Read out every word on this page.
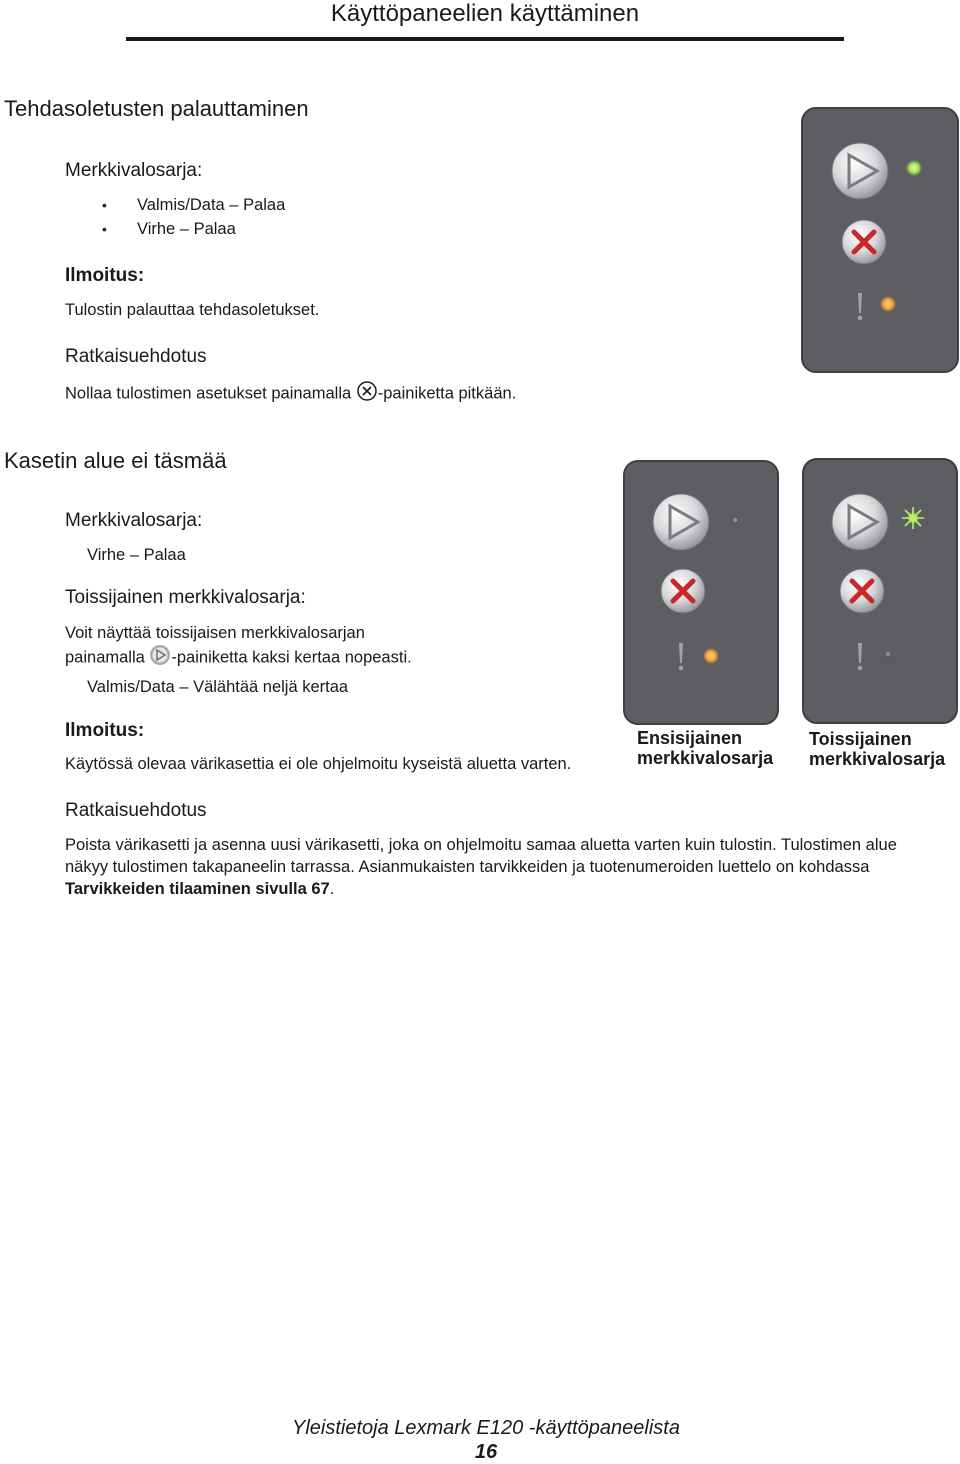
Käyttöpaneelien käyttäminen
Tehdasoletusten palauttaminen
Merkkivalosarja:
• Valmis/Data – Palaa
• Virhe – Palaa
Ilmoitus:
Tulostin palauttaa tehdasoletukset.
Ratkaisuehdotus
Nollaa tulostimen asetukset painamalla -painiketta pitkään.
Kasetin alue ei täsmää
Merkkivalosarja:
Virhe – Palaa
Toissijainen merkkivalosarja:
Voit näyttää toissijaisen merkkivalosarjan
painamalla -painiketta kaksi kertaa nopeasti.
Valmis/Data – Välähtää neljä kertaa
Ilmoitus:
Käytössä olevaa värikasettia ei ole ohjelmoitu kyseistä aluetta varten.
Ensisijainen
merkkivalosarja
Toissijainen
merkkivalosarja
Ratkaisuehdotus
Poista värikasetti ja asenna uusi värikasetti, joka on ohjelmoitu samaa aluetta varten kuin tulostin. Tulostimen alue
näkyy tulostimen takapaneelin tarrassa. Asianmukaisten tarvikkeiden ja tuotenumeroiden luettelo on kohdassa
Tarvikkeiden tilaaminen sivulla 67.
Yleistietoja Lexmark E120 -käyttöpaneelista
16
